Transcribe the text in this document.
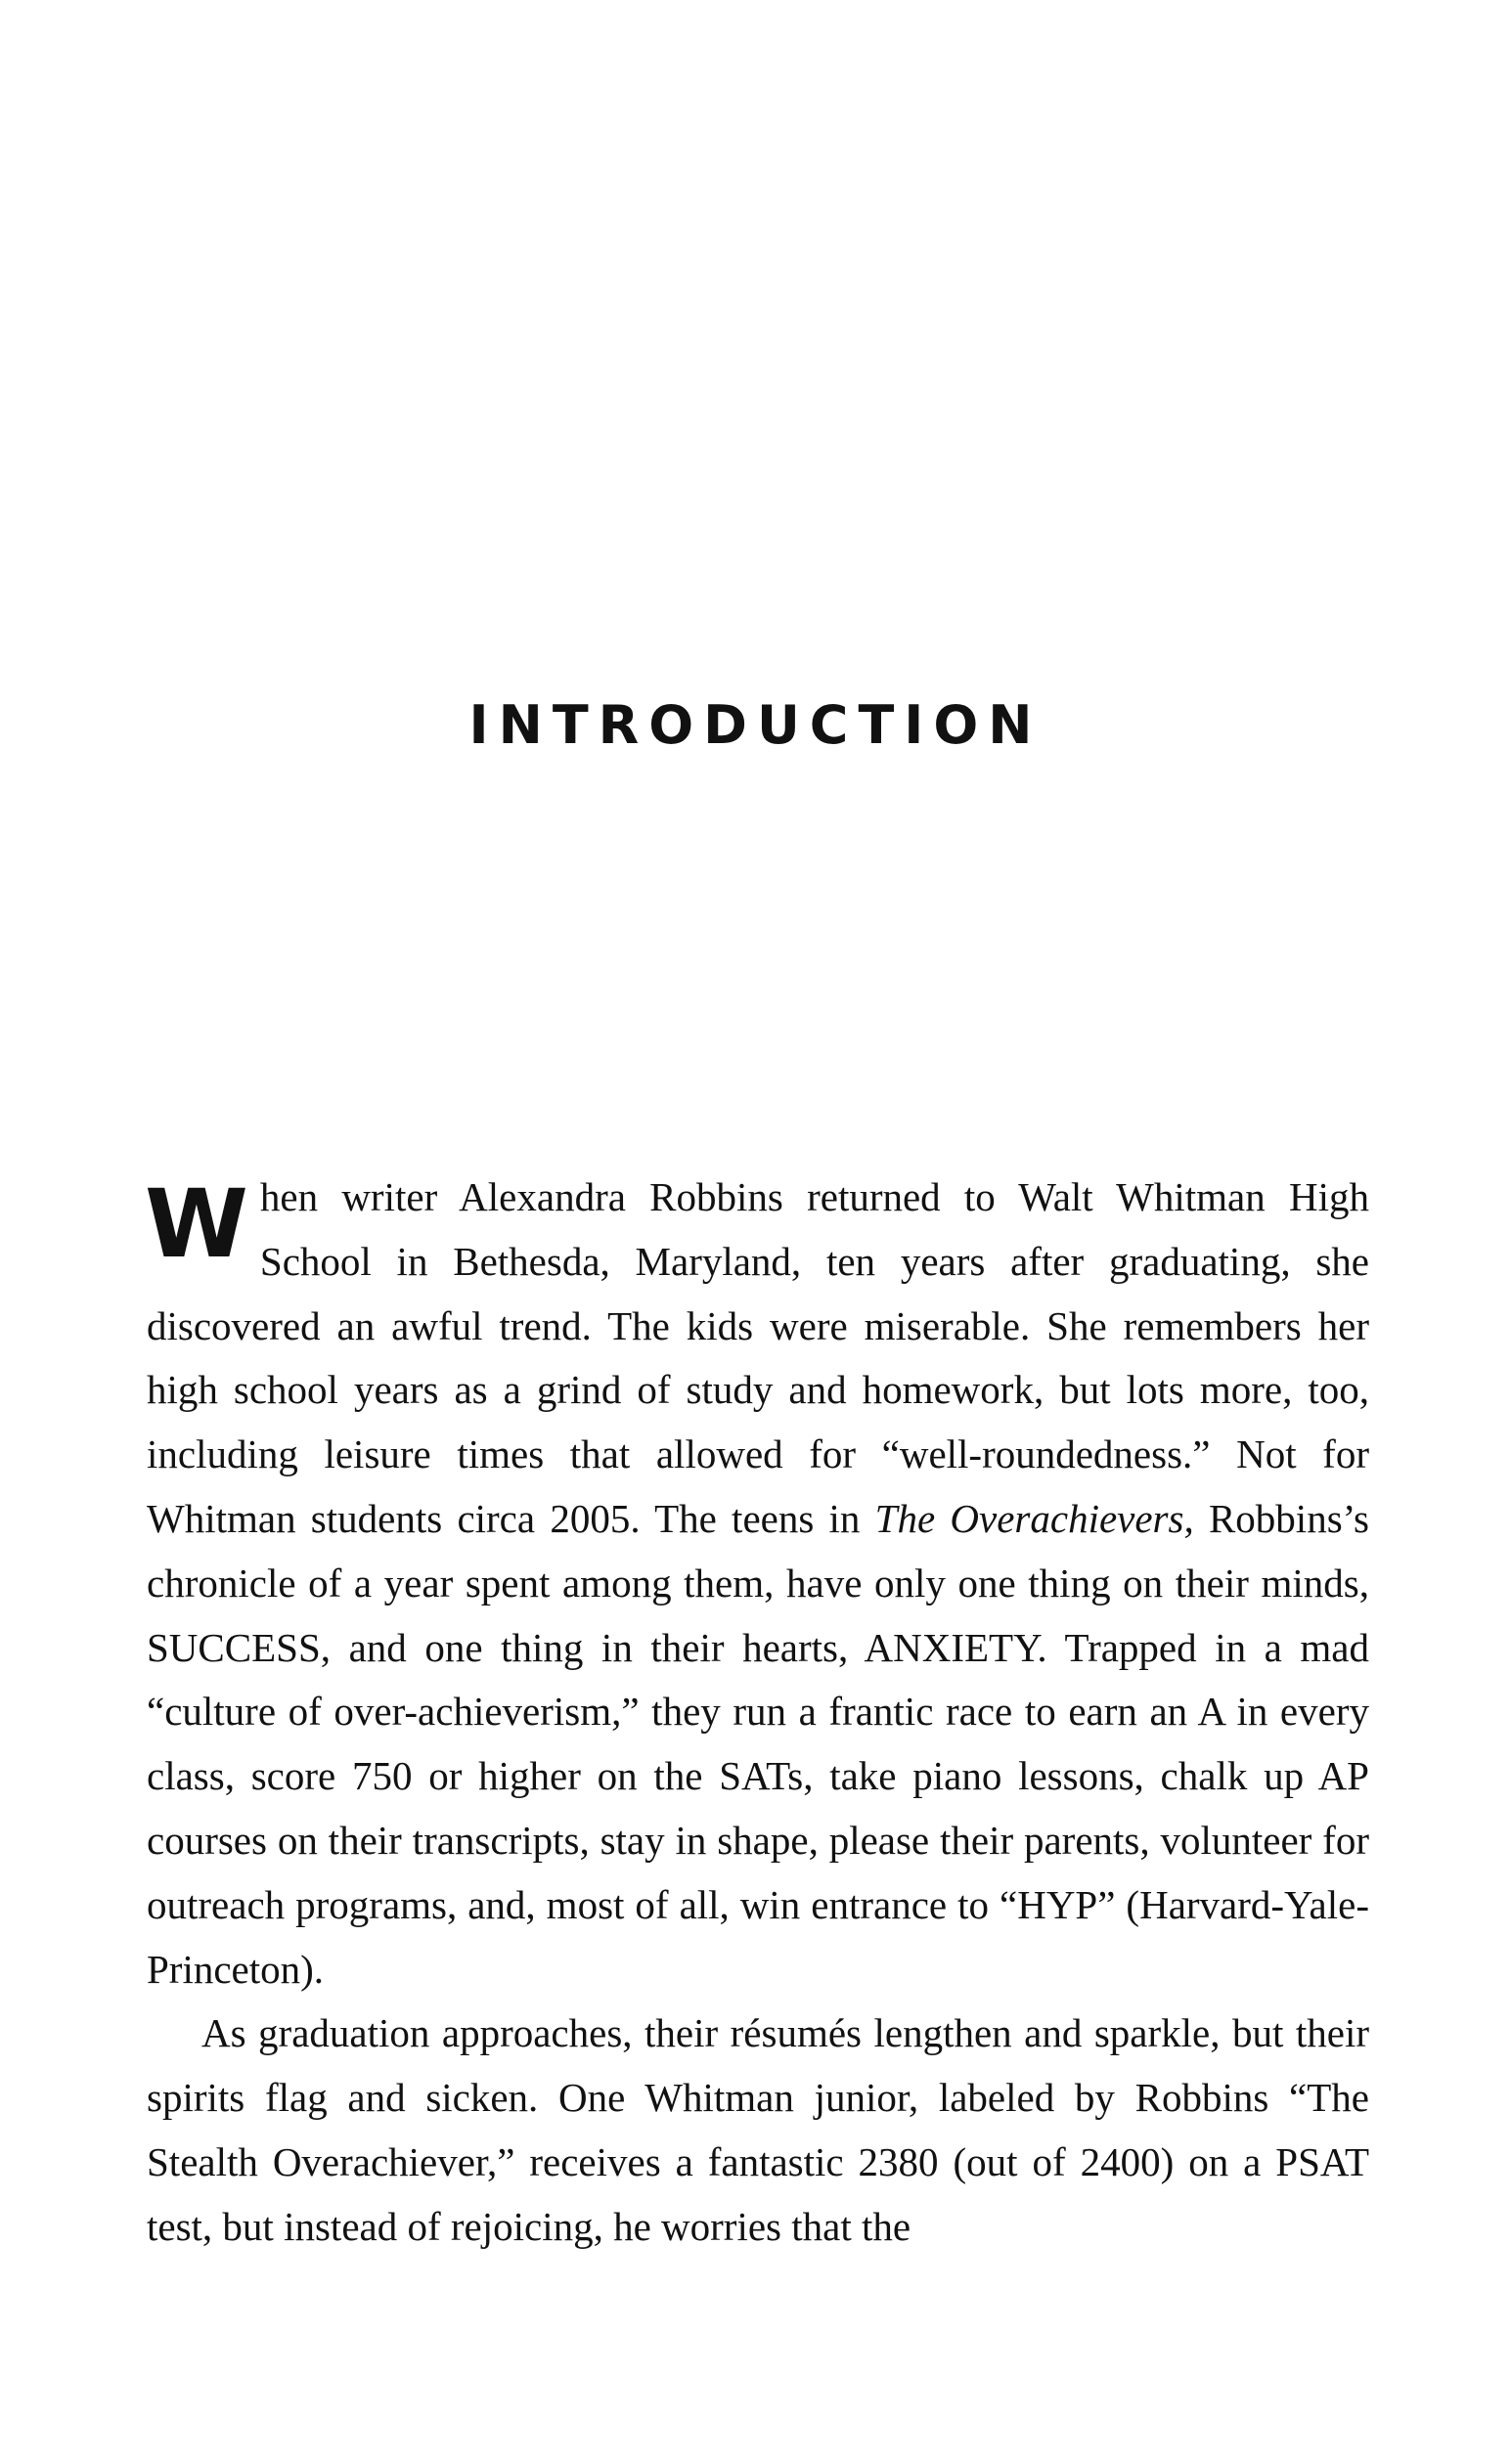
INTRODUCTION

When writer Alexandra Robbins returned to Walt Whitman High School in Bethesda, Maryland, ten years after graduating, she discovered an awful trend. The kids were miserable. She remembers her high school years as a grind of study and homework, but lots more, too, including leisure times that allowed for “well-roundedness.” Not for Whitman students circa 2005. The teens in The Overachievers, Robbins’s chronicle of a year spent among them, have only one thing on their minds, SUCCESS, and one thing in their hearts, ANXIETY. Trapped in a mad “culture of over-achieverism,” they run a frantic race to earn an A in every class, score 750 or higher on the SATs, take piano lessons, chalk up AP courses on their transcripts, stay in shape, please their parents, volunteer for outreach programs, and, most of all, win entrance to “HYP” (Harvard-Yale-Princeton).

As graduation approaches, their résumés lengthen and sparkle, but their spirits flag and sicken. One Whitman junior, labeled by Robbins “The Stealth Overachiever,” receives a fantastic 2380 (out of 2400) on a PSAT test, but instead of rejoicing, he worries that the
